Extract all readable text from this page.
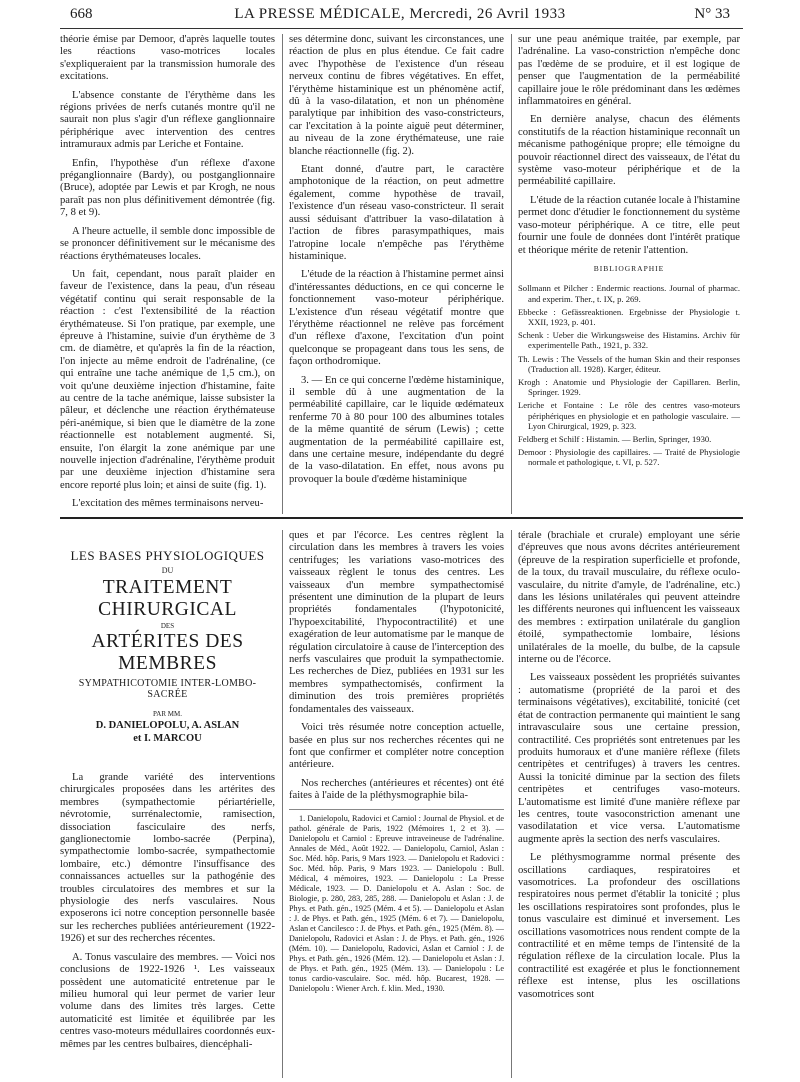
668	LA PRESSE MÉDICALE, Mercredi, 26 Avril 1933	N° 33

théorie émise par Demoor, d'après laquelle toutes les réactions vaso-motrices locales s'expliqueraient par la transmission humorale des excitations.

L'absence constante de l'érythème dans les régions privées de nerfs cutanés montre qu'il ne saurait non plus s'agir d'un réflexe ganglionnaire périphérique avec intervention des centres intramuraux admis par Leriche et Fontaine.

Enfin, l'hypothèse d'un réflexe d'axone préganglionnaire (Bardy), ou postganglionnaire (Bruce), adoptée par Lewis et par Krogh, ne nous paraît pas non plus définitivement démontrée (fig. 7, 8 et 9).

A l'heure actuelle, il semble donc impossible de se prononcer définitivement sur le mécanisme des réactions érythémateuses locales.

Un fait, cependant, nous paraît plaider en faveur de l'existence, dans la peau, d'un réseau végétatif continu qui serait responsable de la réaction : c'est l'extensibilité de la réaction érythémateuse. Si l'on pratique, par exemple, une épreuve à l'histamine, suivie d'un érythème de 3 cm. de diamètre, et qu'après la fin de la réaction, l'on injecte au même endroit de l'adrénaline, (ce qui entraîne une tache anémique de 1,5 cm.), on voit qu'une deuxième injection d'histamine, faite au centre de la tache anémique, laisse subsister la pâleur, et déclenche une réaction érythémateuse péri-anémique, si bien que le diamètre de la zone réactionnelle est notablement augmenté. Si, ensuite, l'on élargit la zone anémique par une nouvelle injection d'adrénaline, l'érythème produit par une deuxième injection d'histamine sera encore reporté plus loin; et ainsi de suite (fig. 1).

L'excitation des mêmes terminaisons nerveu-

ses détermine donc, suivant les circonstances, une réaction de plus en plus étendue. Ce fait cadre avec l'hypothèse de l'existence d'un réseau nerveux continu de fibres végétatives. En effet, l'érythème histaminique est un phénomène actif, dû à la vaso-dilatation, et non un phénomène paralytique par inhibition des vaso-constricteurs, car l'excitation à la pointe aiguë peut déterminer, au niveau de la zone érythémateuse, une raie blanche réactionnelle (fig. 2).

Etant donné, d'autre part, le caractère amphotonique de la réaction, on peut admettre également, comme hypothèse de travail, l'existence d'un réseau vaso-constricteur. Il serait aussi séduisant d'attribuer la vaso-dilatation à l'action de fibres parasympathiques, mais l'atropine locale n'empêche pas l'érythème histaminique.

L'étude de la réaction à l'histamine permet ainsi d'intéressantes déductions, en ce qui concerne le fonctionnement vaso-moteur périphérique. L'existence d'un réseau végétatif montre que l'érythème réactionnel ne relève pas forcément d'un réflexe d'axone, l'excitation d'un point quelconque se propageant dans tous les sens, de façon orthodromique.

3. — En ce qui concerne l'œdème histaminique, il semble dû à une augmentation de la perméabilité capillaire, car le liquide œdémateux renferme 70 à 80 pour 100 des albumines totales de la même quantité de sérum (Lewis) ; cette augmentation de la perméabilité capillaire est, dans une certaine mesure, indépendante du degré de la vaso-dilatation. En effet, nous avons pu provoquer la boule d'œdème histaminique

sur une peau anémique traitée, par exemple, par l'adrénaline. La vaso-constriction n'empêche donc pas l'œdème de se produire, et il est logique de penser que l'augmentation de la perméabilité capillaire joue le rôle prédominant dans les œdèmes inflammatoires en général.

En dernière analyse, chacun des éléments constitutifs de la réaction histaminique reconnaît un mécanisme pathogénique propre; elle témoigne du pouvoir réactionnel direct des vaisseaux, de l'état du système vaso-moteur périphérique et de la perméabilité capillaire.

L'étude de la réaction cutanée locale à l'histamine permet donc d'étudier le fonctionnement du système vaso-moteur périphérique. A ce titre, elle peut fournir une foule de données dont l'intérêt pratique et théorique mérite de retenir l'attention.

BIBLIOGRAPHIE

Sollmann et Pilcher : Endermic reactions. Journal of pharmac. and experim. Ther., t. IX, p. 269.

Ebbecke : Gefässreaktionen. Ergebnisse der Physiologie t. XXII, 1923, p. 401.

Schenk : Ueber die Wirkungsweise des Histamins. Archiv für experimentelle Path., 1921, p. 332.

Th. Lewis : The Vessels of the human Skin and their responses (Traduction all. 1928). Karger, éditeur.

Krogh : Anatomie und Physiologie der Capillaren. Berlin, Springer. 1929.

Leriche et Fontaine : Le rôle des centres vaso-moteurs périphériques en physiologie et en pathologie vasculaire. — Lyon Chirurgical, 1929, p. 323.

Feldberg et Schilf : Histamin. — Berlin, Springer, 1930.

Demoor : Physiologie des capillaires. — Traité de Physiologie normale et pathologique, t. VI, p. 527.

LES BASES PHYSIOLOGIQUES
DU
TRAITEMENT CHIRURGICAL
DES
ARTÉRITES DES MEMBRES
SYMPATHICOTOMIE INTER-LOMBO-SACRÉE
PAR MM.
D. DANIELOPOLU, A. ASLAN
et I. MARCOU

La grande variété des interventions chirurgicales proposées dans les artérites des membres (sympathectomie périartérielle, névrotomie, surrénalectomie, ramisection, dissociation fasciculaire des nerfs, ganglionectomie lombo-sacrée (Perpina), sympathectomie lombo-sacrée, sympathectomie lombaire, etc.) démontre l'insuffisance des connaissances actuelles sur la pathogénie des troubles circulatoires des membres et sur la physiologie des nerfs vasculaires. Nous exposerons ici notre conception personnelle basée sur les recherches publiées antérieurement (1922-1926) et sur des recherches récentes.

A. Tonus vasculaire des membres. — Voici nos conclusions de 1922-1926 ¹. Les vaisseaux possèdent une automaticité entretenue par le milieu humoral qui leur permet de varier leur volume dans des limites très larges. Cette automaticité est limitée et équilibrée par les centres vaso-moteurs médullaires coordonnés eux-mêmes par les centres bulbaires, diencéphali-

ques et par l'écorce. Les centres règlent la circulation dans les membres à travers les voies centrifuges; les variations vaso-motrices des vaisseaux règlent le tonus des centres. Les vaisseaux d'un membre sympathectomisé présentent une diminution de la plupart de leurs propriétés fondamentales (l'hypotonicité, l'hypoexcitabilité, l'hypocontractilité) et une exagération de leur automatisme par le manque de régulation circulatoire à cause de l'interception des nerfs vasculaires que produit la sympathectomie. Les recherches de Diez, publiées en 1931 sur les membres sympathectomisés, confirment la diminution des trois premières propriétés fondamentales des vaisseaux.

Voici très résumée notre conception actuelle, basée en plus sur nos recherches récentes qui ne font que confirmer et compléter notre conception antérieure.

Nos recherches (antérieures et récentes) ont été faites à l'aide de la pléthysmographie bila-

1. Danielopolu, Radovici et Carniol : Journal de Physiol. et de pathol. générale de Paris, 1922 (Mémoires 1, 2 et 3). — Danielopolu et Carniol : Epreuve intraveineuse de l'adrénaline. Annales de Méd., Août 1922. — Danielopolu, Carniol, Aslan : Soc. Méd. hôp. Paris, 9 Mars 1923. — Danielopolu et Radovici : Soc. Méd. hôp. Paris, 9 Mars 1923. — Danielopolu : Bull. Médical, 4 mémoires, 1923. — Danielopolu : La Presse Médicale, 1923. — D. Danielopolu et A. Aslan : Soc. de Biologie, p. 280, 283, 285, 288. — Danielopolu et Aslan : J. de Phys. et Path. gén., 1925 (Mém. 4 et 5). — Danielopolu et Aslan : J. de Phys. et Path. gén., 1925 (Mém. 6 et 7). — Danielopolu, Aslan et Cancilesco : J. de Phys. et Path. gén., 1925 (Mém. 8). — Danielopolu, Radovici et Aslan : J. de Phys. et Path. gén., 1926 (Mém. 10). — Danielopolu, Radovici, Aslan et Carniol : J. de Phys. et Path. gén., 1926 (Mém. 12). — Danielopolu et Aslan : J. de Phys. et Path. gén., 1925 (Mém. 13). — Danielopolu : Le tonus cardio-vasculaire. Soc. méd. hôp. Bucarest, 1928. — Danielopolu : Wiener Arch. f. klin. Med., 1930.

térale (brachiale et crurale) employant une série d'épreuves que nous avons décrites antérieurement (épreuve de la respiration superficielle et profonde, de la toux, du travail musculaire, du réflexe oculo-vasculaire, du nitrite d'amyle, de l'adrénaline, etc.) dans les lésions unilatérales qui peuvent atteindre les différents neurones qui influencent les vaisseaux des membres : extirpation unilatérale du ganglion étoilé, sympathectomie lombaire, lésions unilatérales de la moelle, du bulbe, de la capsule interne ou de l'écorce.

Les vaisseaux possèdent les propriétés suivantes : automatisme (propriété de la paroi et des terminaisons végétatives), excitabilité, tonicité (cet état de contraction permanente qui maintient le sang intravasculaire sous une certaine pression, contractilité. Ces propriétés sont entretenues par les produits humoraux et d'une manière réflexe (filets centripètes et centrifuges) à travers les centres. Aussi la tonicité diminue par la section des filets centripètes et centrifuges vaso-moteurs. L'automatisme est limité d'une manière réflexe par les centres, toute vasoconstriction amenant une vasodilatation et vice versa. L'automatisme augmente après la section des nerfs vasculaires.

Le pléthysmogramme normal présente des oscillations cardiaques, respiratoires et vasomotrices. La profondeur des oscillations respiratoires nous permet d'établir la tonicité ; plus les oscillations respiratoires sont profondes, plus le tonus vasculaire est diminué et inversement. Les oscillations vasomotrices nous rendent compte de la contractilité et en même temps de l'intensité de la régulation réflexe de la circulation locale. Plus la contractilité est exagérée et plus le fonctionnement réflexe est intense, plus les oscillations vasomotrices sont
